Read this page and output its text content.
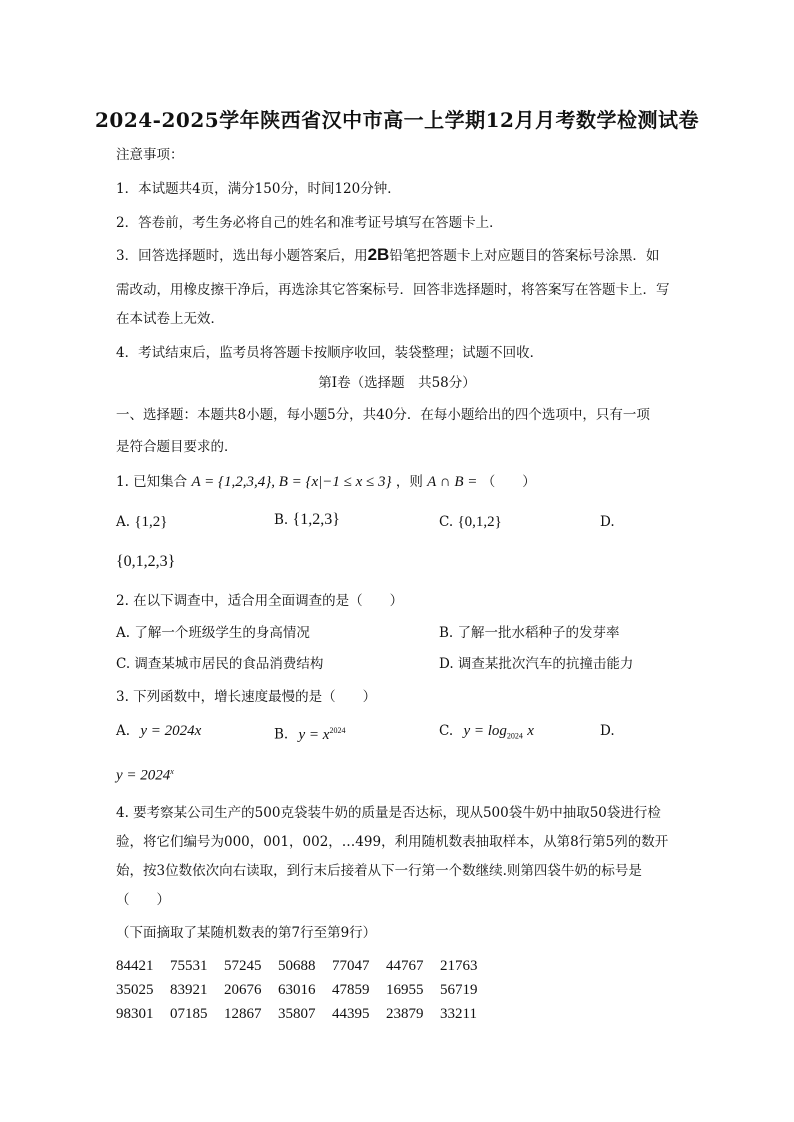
2024-2025学年陕西省汉中市高一上学期12月月考数学检测试卷
注意事项：
1．本试题共4页，满分150分，时间120分钟．
2．答卷前，考生务必将自己的姓名和准考证号填写在答题卡上．
3．回答选择题时，选出每小题答案后，用2B铅笔把答题卡上对应题目的答案标号涂黑．如
需改动，用橡皮擦干净后，再选涂其它答案标号．回答非选择题时，将答案写在答题卡上．写
在本试卷上无效．
4．考试结束后，监考员将答题卡按顺序收回，装袋整理；试题不回收．
第Ⅰ卷（选择题　共58分）
一、选择题：本题共8小题，每小题5分，共40分．在每小题给出的四个选项中，只有一项
是符合题目要求的．
1. 已知集合 A = {1,2,3,4}, B = {x|−1 ≤ x ≤ 3} ，则 A ∩ B = （　　）
A. {1,2}	B. {1,2,3}	C. {0,1,2}	D.
{0,1,2,3}
2. 在以下调查中，适合用全面调查的是（　　）
A. 了解一个班级学生的身高情况	B. 了解一批水稻种子的发芽率
C. 调查某城市居民的食品消费结构	D. 调查某批次汽车的抗撞击能力
3. 下列函数中，增长速度最慢的是（　　）
A. y = 2024x	B. $y = x^{2024}$	C. $y = \log_{2024} x$	D.
$y = 2024^x$
4. 要考察某公司生产的500克袋装牛奶的质量是否达标，现从500袋牛奶中抽取50袋进行检
验，将它们编号为000，001，002，…499，利用随机数表抽取样本，从第8行第5列的数开
始，按3位数依次向右读取，到行末后接着从下一行第一个数继续.则第四袋牛奶的标号是
（　　）
（下面摘取了某随机数表的第7行至第9行）
84421 75531 57245 50688 77047 44767 21763
35025 83921 20676 63016 47859 16955 56719
98301 07185 12867 35807 44395 23879 33211
